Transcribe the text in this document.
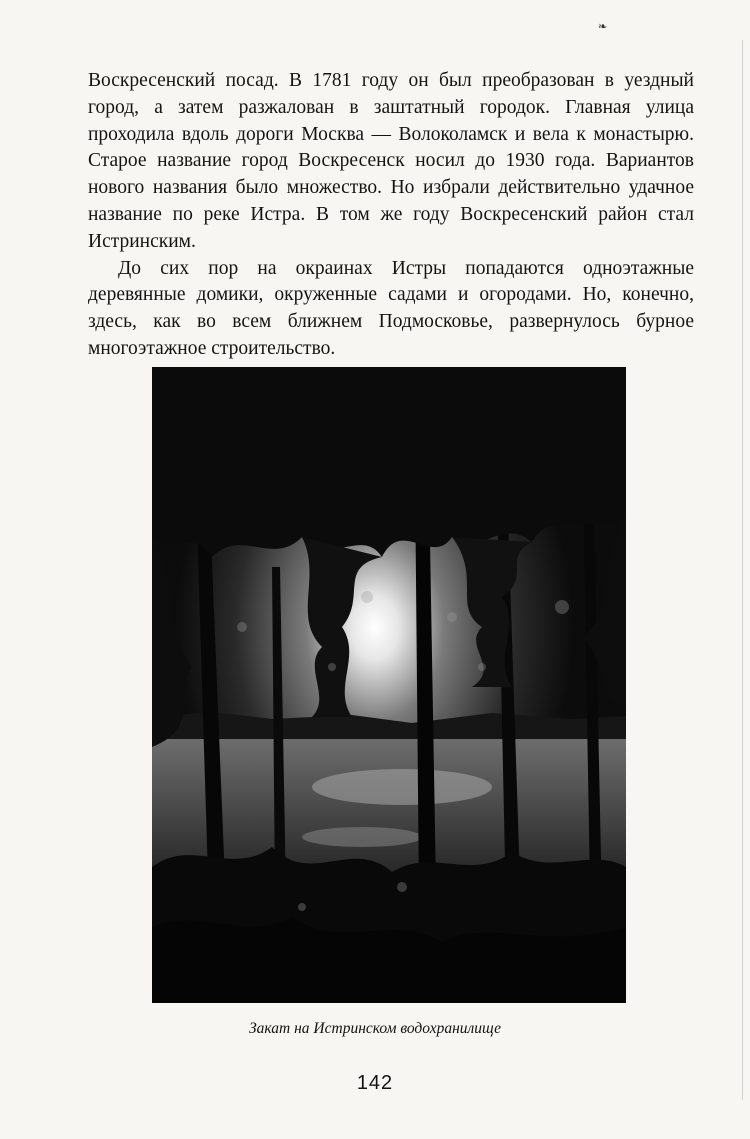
❧

Воскресенский посад. В 1781 году он был преобразован в уездный город, а затем разжалован в заштатный городок. Главная улица проходила вдоль дороги Москва — Волоколамск и вела к монастырю. Старое название город Воскресенск носил до 1930 года. Вариантов нового названия было множество. Но избрали действительно удачное название по реке Истра. В том же году Воскресенский район стал Истринским.

До сих пор на окраинах Истры попадаются одноэтажные деревянные домики, окруженные садами и огородами. Но, конечно, здесь, как во всем ближнем Подмосковье, развернулось бурное многоэтажное строительство.

Закат на Истринском водохранилище
142
